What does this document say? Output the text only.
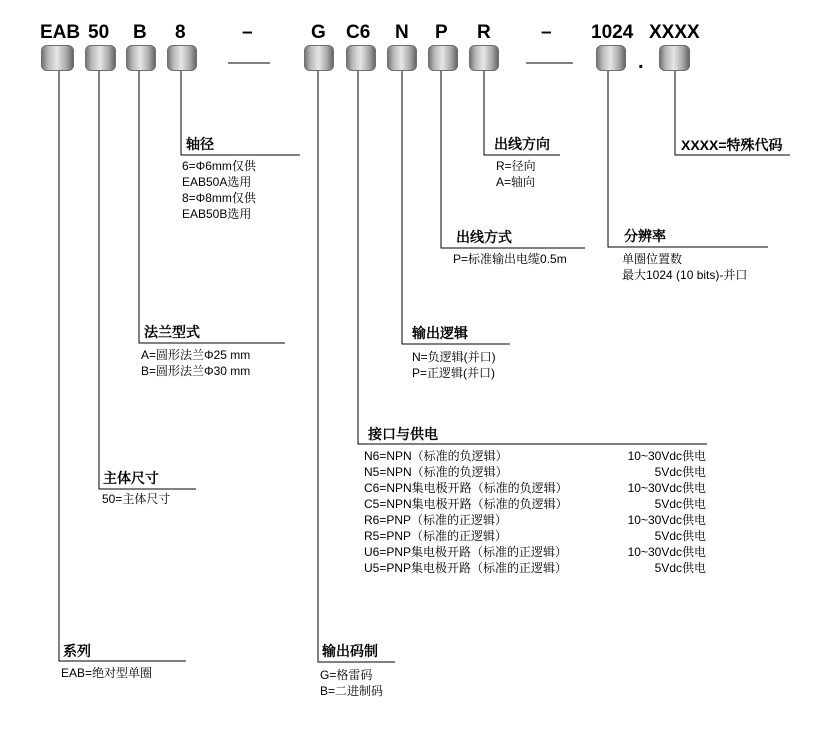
EAB 50 B 8	–	G C6 N P R	– 1024 XXXX
.
轴径
6=Φ6mm仅供
EAB50A选用
8=Φ8mm仅供
EAB50B选用
法兰型式
A=圆形法兰Φ25 mm
B=圆形法兰Φ30 mm
主体尺寸
50=主体尺寸
系列
EAB=绝对型单圈
输出码制
G=格雷码
B=二进制码
接口与供电
N6=NPN（标准的负逻辑）	10~30Vdc供电
N5=NPN（标准的负逻辑）	5Vdc供电
C6=NPN集电极开路（标准的负逻辑）	10~30Vdc供电
C5=NPN集电极开路（标准的负逻辑）	5Vdc供电
R6=PNP（标准的正逻辑）	10~30Vdc供电
R5=PNP（标准的正逻辑）	5Vdc供电
U6=PNP集电极开路（标准的正逻辑）	10~30Vdc供电
U5=PNP集电极开路（标准的正逻辑）	5Vdc供电
输出逻辑
N=负逻辑(并口)
P=正逻辑(并口)
出线方式
P=标准输出电缆0.5m
出线方向
R=径向
A=轴向
分辨率
单圈位置数
最大1024 (10 bits)-并口
XXXX=特殊代码
